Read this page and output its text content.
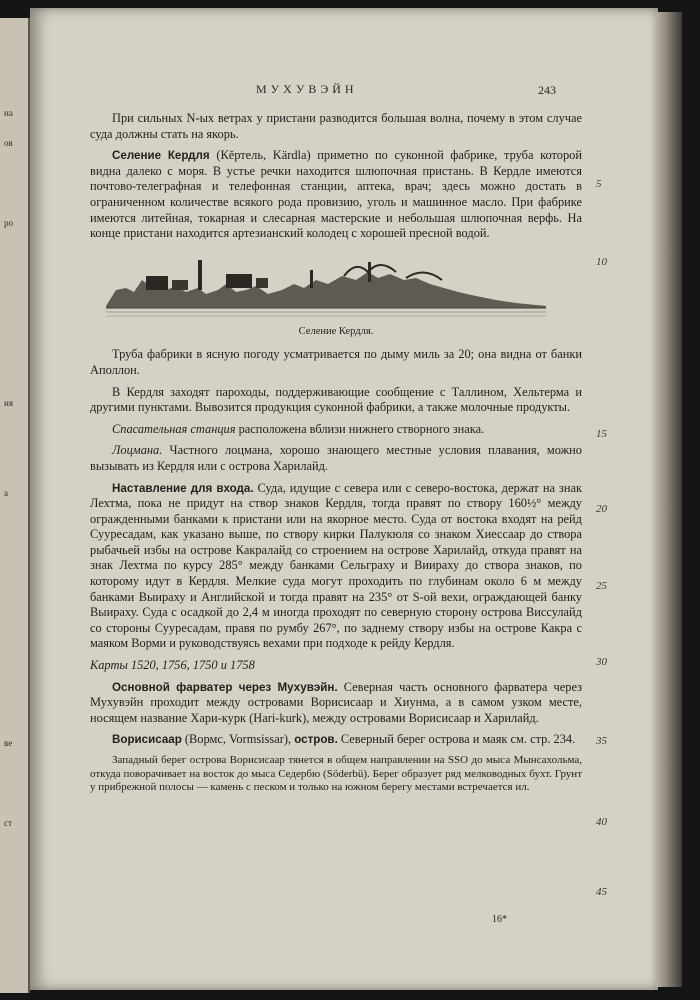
на
ов
ро
ия
а
ве
ст
МУХУВЭЙН	243

При сильных N-ых ветрах у пристани разводится большая волна, почему в этом случае суда должны стать на якорь.

Селение Кердля (Кěртель, Kärdla) приметно по суконной фабрике, труба которой видна далеко с моря. В устье речки находится шлюпочная пристань. В Кердле имеются почтово-телеграфная и телефонная станции, аптека, врач; здесь можно достать в ограниченном количестве всякого рода провизию, уголь и машинное масло. При фабрике имеются литейная, токарная и слесарная мастерские и небольшая шлюпочная верфь. На конце пристани находится артезианский колодец с хорошей пресной водой.

Селение Кердля.

Труба фабрики в ясную погоду усматривается по дыму миль за 20; она видна от банки Аполлон.

В Кердля заходят пароходы, поддерживающие сообщение с Таллином, Хельтерма и другими пунктами. Вывозится продукция суконной фабрики, а также молочные продукты.

Спасательная станция расположена вблизи нижнего створного знака.

Лоцмана. Частного лоцмана, хорошо знающего местные условия плавания, можно вызывать из Кердля или с острова Харилайд.

Наставление для входа. Суда, идущие с севера или с северо-востока, держат на знак Лехтма, пока не придут на створ знаков Кердля, тогда правят по створу 160½° между огражденными банками к пристани или на якорное место. Суда от востока входят на рейд Сууресадам, как указано выше, по створу кирки Палукюля со знаком Хиессаар до створа рыбачьей избы на острове Какралайд со строением на острове Харилайд, откуда правят на знак Лехтма по курсу 285° между банками Сельграху и Виираху до створа знаков, по которому идут в Кердля. Мелкие суда могут проходить по глубинам около 6 м между банками Выираху и Английской и тогда правят на 235° от S-ой вехи, ограждающей банку Выираху. Суда с осадкой до 2,4 м иногда проходят по северную сторону острова Виссулайд со стороны Сууресадам, правя по румбу 267°, по заднему створу избы на острове Какра с маяком Ворми и руководствуясь вехами при подходе к рейду Кердля.

Карты 1520, 1756, 1750 и 1758

Основной фарватер через Мухувэйн. Северная часть основного фарватера через Мухувэйн проходит между островами Ворисисаар и Хиунма, а в самом узком месте, носящем название Хари-курк (Hari-kurk), между островами Ворисисаар и Харилайд.

Ворисисаар (Вормс, Vormsissar), остров. Северный берег острова и маяк см. стр. 234.

Западный берег острова Ворисисаар тянется в общем направлении на SSO до мыса Мынсахольма, откуда поворачивает на восток до мыса Седербю (Söderbü). Берег образует ряд мелководных бухт. Грунт у прибрежной полосы — камень с песком и только на южном берегу местами встречается ил.

5
10
15
20
25
30
35
40
45
16*
